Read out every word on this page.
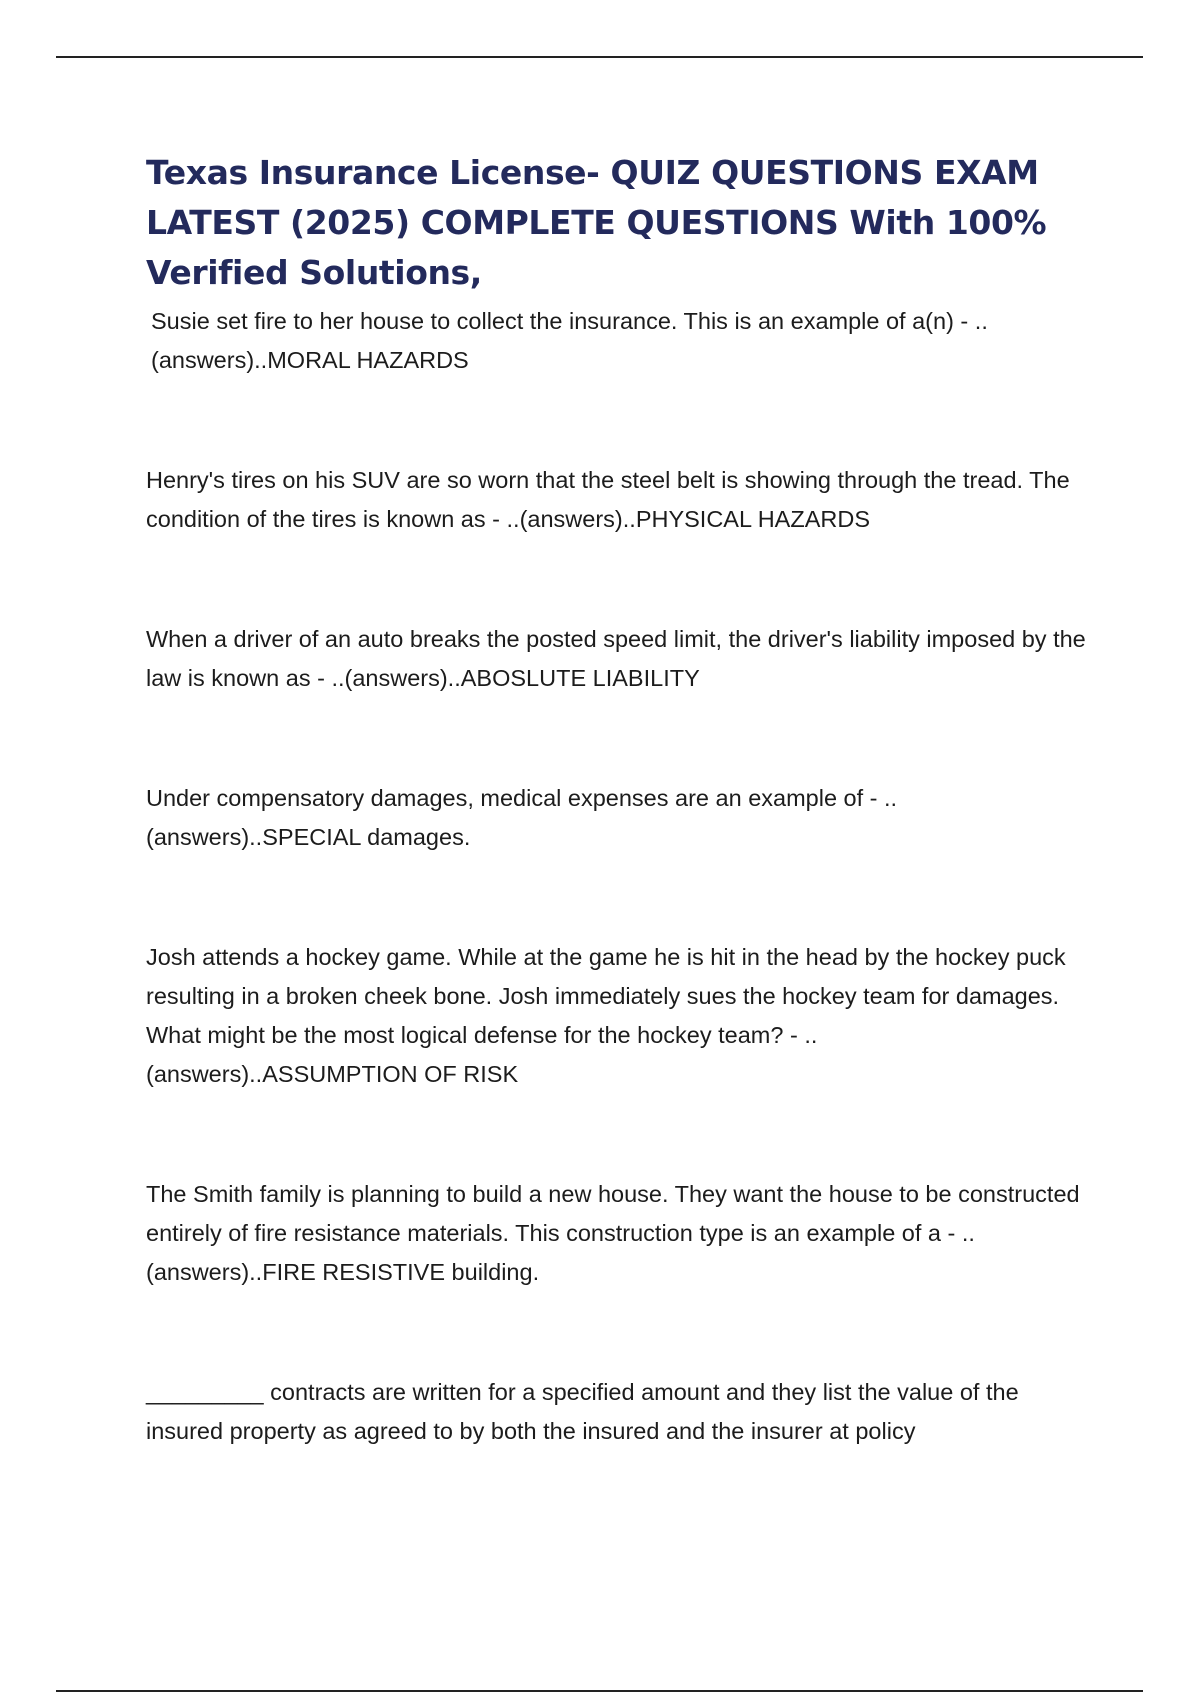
Texas Insurance License- QUIZ QUESTIONS EXAM LATEST (2025) COMPLETE QUESTIONS With 100% Verified Solutions,

Susie set fire to her house to collect the insurance. This is an example of a(n) - ..(answers)..MORAL HAZARDS

Henry's tires on his SUV are so worn that the steel belt is showing through the tread. The condition of the tires is known as - ..(answers)..PHYSICAL HAZARDS

When a driver of an auto breaks the posted speed limit, the driver's liability imposed by the law is known as - ..(answers)..ABOSLUTE LIABILITY

Under compensatory damages, medical expenses are an example of - ..(answers)..SPECIAL damages.

Josh attends a hockey game. While at the game he is hit in the head by the hockey puck resulting in a broken cheek bone. Josh immediately sues the hockey team for damages. What might be the most logical defense for the hockey team? - ..(answers)..ASSUMPTION OF RISK

The Smith family is planning to build a new house. They want the house to be constructed entirely of fire resistance materials. This construction type is an example of a - ..(answers)..FIRE RESISTIVE building.

_________ contracts are written for a specified amount and they list the value of the insured property as agreed to by both the insured and the insurer at policy
